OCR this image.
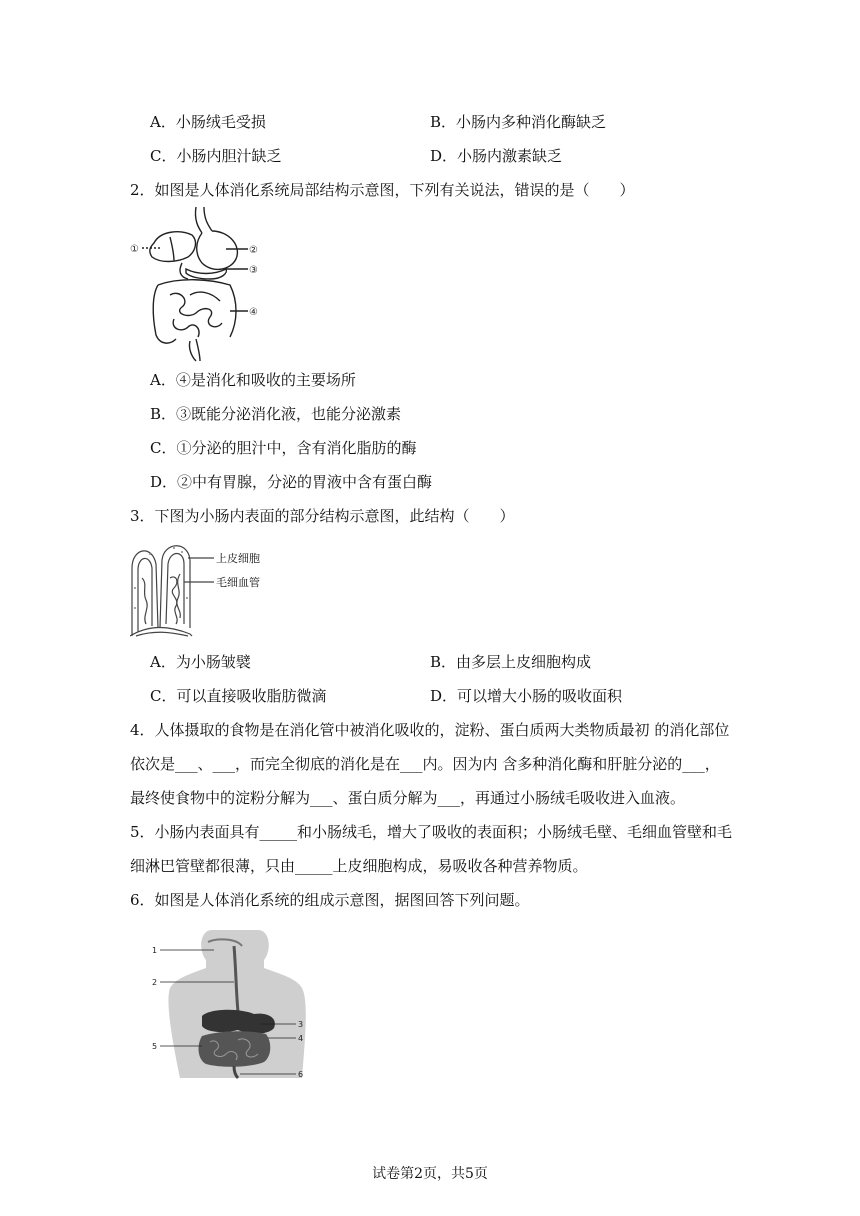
A．小肠绒毛受损	B．小肠内多种消化酶缺乏
C．小肠内胆汁缺乏	D．小肠内激素缺乏
2．如图是人体消化系统局部结构示意图，下列有关说法，错误的是（　　）
①	②
③
④
A．④是消化和吸收的主要场所
B．③既能分泌消化液，也能分泌激素
C．①分泌的胆汁中，含有消化脂肪的酶
D．②中有胃腺，分泌的胃液中含有蛋白酶
3．下图为小肠内表面的部分结构示意图，此结构（　　）
上皮细胞
毛细血管
A．为小肠皱襞	B．由多层上皮细胞构成
C．可以直接吸收脂肪微滴	D．可以增大小肠的吸收面积
4．人体摄取的食物是在消化管中被消化吸收的，淀粉、蛋白质两大类物质最初 的消化部位
依次是___、___，而完全彻底的消化是在___内。因为内 含多种消化酶和肝脏分泌的___，
最终使食物中的淀粉分解为___、蛋白质分解为___，再通过小肠绒毛吸收进入血液。
5．小肠内表面具有_____和小肠绒毛，增大了吸收的表面积；小肠绒毛壁、毛细血管壁和毛
细淋巴管壁都很薄，只由_____上皮细胞构成，易吸收各种营养物质。
6．如图是人体消化系统的组成示意图，据图回答下列问题。
1
2
3
4
5
6
试卷第2页，共5页
